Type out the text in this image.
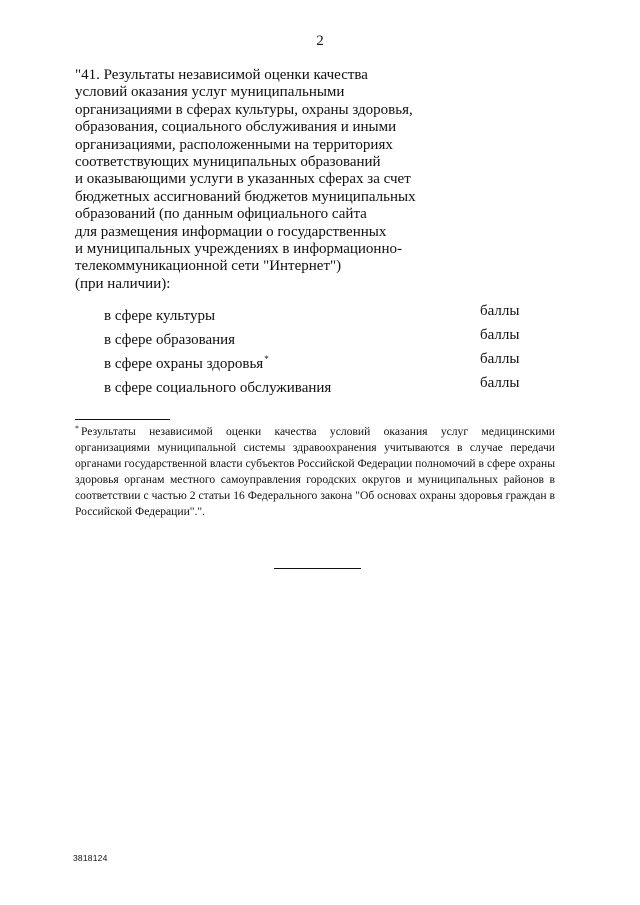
2
"41. Результаты независимой оценки качества
условий оказания услуг муниципальными
организациями в сферах культуры, охраны здоровья,
образования, социального обслуживания и иными
организациями, расположенными на территориях
соответствующих муниципальных образований
и оказывающими услуги в указанных сферах за счет
бюджетных ассигнований бюджетов муниципальных
образований (по данным официального сайта
для размещения информации о государственных
и муниципальных учреждениях в информационно-
телекоммуникационной сети "Интернет")
(при наличии):
в сфере культуры	баллы
в сфере образования	баллы
в сфере охраны здоровья*	баллы
в сфере социального обслуживания	баллы
* Результаты независимой оценки качества условий оказания услуг медицинскими организациями муниципальной системы здравоохранения учитываются в случае передачи органами государственной власти субъектов Российской Федерации полномочий в сфере охраны здоровья органам местного самоуправления городских округов и муниципальных районов в соответствии с частью 2 статьи 16 Федерального закона "Об основах охраны здоровья граждан в Российской Федерации".".
3818124
